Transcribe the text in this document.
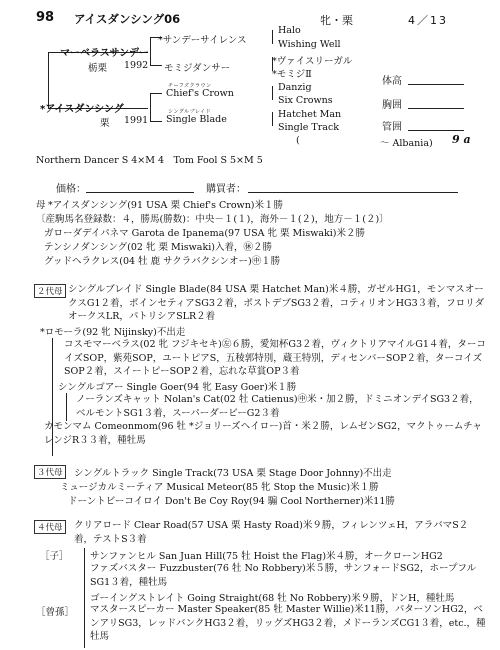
98 アイスダンシング06	牝・栗	4／13
マーベラスサンデー
栃栗 1992
*サンデーサイレンス
モミジダンサー
Halo
Wishing Well
*ヴァイスリーガル
*モミジⅡ
*アイスダンシング
栗 1991
チーフズクラウン
Chief's Crown
シングルブレイド
Single Blade
Danzig
Six Crowns
Hatchet Man
Single Track
(	～ Albania) 9 a
体高
胸囲
管囲
Northern Dancer S 4×M 4　Tom Fool S 5×M 5
価格：	購買者：
母 *アイスダンシング(91 USA 栗 Chief's Crown)米１勝
〔産駒馬名登録数：４，勝馬(勝数)：中央－１(１)，海外－１(２)，地方－１(２)〕
ガローダデイパネマ Garota de Ipanema(97 USA 牝 栗 Miswaki)米２勝
テンシノダンシング(02 牝 栗 Miswaki)入着，㊡２勝
グッドヘラクレス(04 牡 鹿 サクラバクシンオー)㊥１勝
２代母 シングルブレイド Single Blade(84 USA 栗 Hatchet Man)米４勝，ガゼルHG1，モンマスオークスG1２着，ポインセティアSG3２着，ボストデブSG3２着，コティリオンHG3３着，フロリダオークスLR，パトリシアSLR２着

*ロモーラ(92 牝 Nijinsky)不出走

コスモマーベラス(02 牝 フジキセキ)㊧６勝，愛知杯G3２着，ヴィクトリアマイルG1４着，ターコイズSOP，紫苑SOP，ユートピアS，五稜郭特別，蔵王特別，ディセンバーSOP２着，ターコイズSOP２着，スイートピーSOP２着，忘れな草賞OP３着

シングルゴアー Single Goer(94 牝 Easy Goer)米１勝

ノーランズキャット Nolan's Cat(02 牡 Catienus)㊥米・加２勝，ドミニオンデイSG3２着，ベルモントSG1３着，スーパーダービーG2３着

カモンマム Comeonmom(96 牡 *ジョリーズヘイロー)首・米２勝，レムゼンSG2，マクトゥームチャレンジR３３着，種牡馬

３代母	シングルトラック Single Track(73 USA 栗 Stage Door Johnny)不出走
ミュージカルミーティア Musical Meteor(85 牝 Stop the Music)米１勝
ドーントビーコイロイ Don't Be Coy Roy(94 騸 Cool Northerner)米11勝
４代母	クリアロード Clear Road(57 USA 栗 Hasty Road)米９勝，フィレンツェH，アラバマS２着，テストS３着

［子］ サンファンヒル San Juan Hill(75 牡 Hoist the Flag)米４勝，オークローンHG2

ファズバスター Fuzzbuster(76 牡 No Robbery)米５勝，サンフォードSG2，ホープフルSG1３着，種牡馬

ゴーイングストレイト Going Straight(68 牡 No Robbery)米９勝，ドンH，種牡馬
［曾孫］ マスタースピーカー Master Speaker(85 牡 Master Willie)米11勝，パターソンHG2，ベンアリSG3，レッドバンクHG3２着，リッグズHG3２着，メドーランズCG1３着，etc.，種牡馬
